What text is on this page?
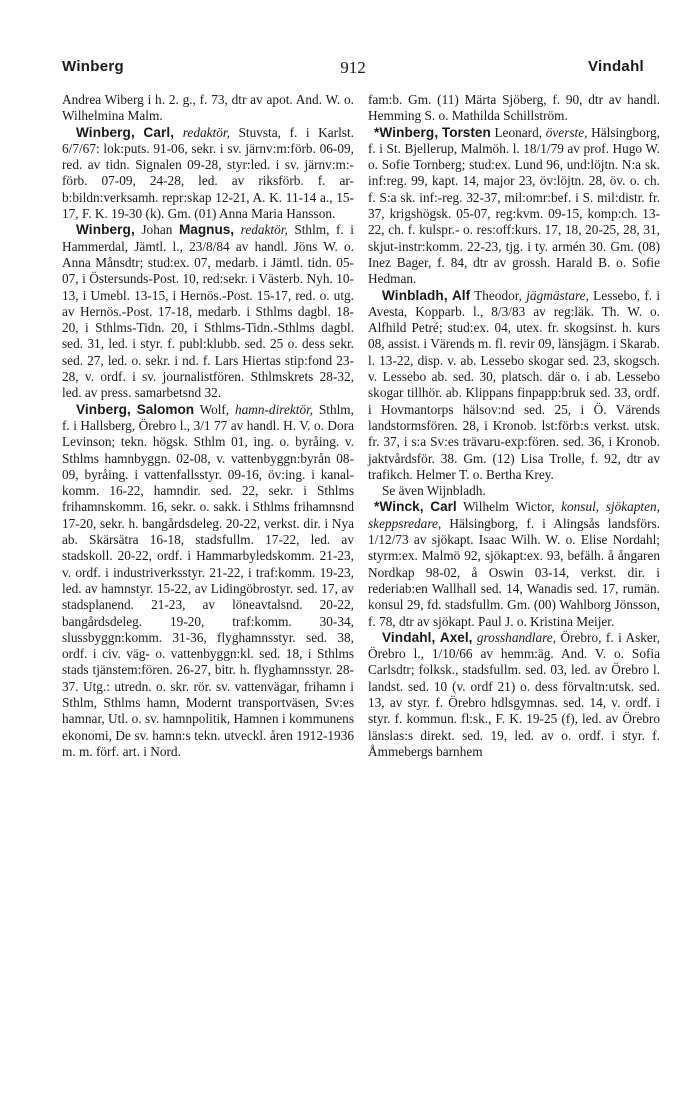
Winberg	912	Vindahl

Andrea Wiberg i h. 2. g., f. 73, dtr av apot. And. W. o. Wilhelmina Malm.

Winberg, Carl, redaktör, Stuvsta, f. i Karlst. 6/7/67: lok:puts. 91-06, sekr. i sv. järnv:m:förb. 06-09, red. av tidn. Signalen 09-28, styr:led. i sv. järnv:m:-förb. 07-09, 24-28, led. av riksförb. f. ar-b:bildn:verksamh. repr:skap 12-21, A. K. 11-14 a., 15-17, F. K. 19-30 (k). Gm. (01) Anna Maria Hansson.

Winberg, Johan Magnus, redaktör, Sthlm, f. i Hammerdal, Jämtl. l., 23/8/84 av handl. Jöns W. o. Anna Månsdtr; stud:ex. 07, medarb. i Jämtl. tidn. 05-07, i Östersunds-Post. 10, red:sekr. i Västerb. Nyh. 10-13, i Umebl. 13-15, i Hernös.-Post. 15-17, red. o. utg. av Hernös.-Post. 17-18, medarb. i Sthlms dagbl. 18-20, i Sthlms-Tidn. 20, i Sthlms-Tidn.-Sthlms dagbl. sed. 31, led. i styr. f. publ:klubb. sed. 25 o. dess sekr. sed. 27, led. o. sekr. i nd. f. Lars Hiertas stip:fond 23-28, v. ordf. i sv. journalistfören. Sthlmskrets 28-32, led. av press. samarbetsnd 32.

Vinberg, Salomon Wolf, hamn-direktör, Sthlm, f. i Hallsberg, Örebro l., 3/1 77 av handl. H. V. o. Dora Levinson; tekn. högsk. Sthlm 01, ing. o. byråing. v. Sthlms hamnbyggn. 02-08, v. vattenbyggn:byrån 08-09, byråing. i vattenfallsstyr. 09-16, öv:ing. i kanal-komm. 16-22, hamndir. sed. 22, sekr. i Sthlms frihamnskomm. 16, sekr. o. sakk. i Sthlms frihamnsnd 17-20, sekr. h. bangårdsdeleg. 20-22, verkst. dir. i Nya ab. Skärsätra 16-18, stadsfullm. 17-22, led. av stadskoll. 20-22, ordf. i Hammarbyledskomm. 21-23, v. ordf. i industriverksstyr. 21-22, i traf:komm. 19-23, led. av hamnstyr. 15-22, av Lidingöbrostyr. sed. 17, av stadsplanend. 21-23, av löneavtalsnd. 20-22, bangårdsdeleg. 19-20, traf:komm. 30-34, slussbyggn:komm. 31-36, flyghamnsstyr. sed. 38, ordf. i civ. väg- o. vattenbyggn:kl. sed. 18, i Sthlms stads tjänstem:fören. 26-27, bitr. h. flyghamnsstyr. 28-37. Utg.: utredn. o. skr. rör. sv. vattenvägar, frihamn i Sthlm, Sthlms hamn, Modernt transportväsen, Sv:es hamnar, Utl. o. sv. hamnpolitik, Hamnen i kommunens ekonomi, De sv. hamn:s tekn. utveckl. åren 1912-1936 m. m. förf. art. i Nord.

fam:b. Gm. (11) Märta Sjöberg, f. 90, dtr av handl. Hemming S. o. Mathilda Schillström.

*Winberg, Torsten Leonard, överste, Hälsingborg, f. i St. Bjellerup, Malmöh. l. 18/1/79 av prof. Hugo W. o. Sofie Tornberg; stud:ex. Lund 96, und:löjtn. N:a sk. inf:reg. 99, kapt. 14, major 23, öv:löjtn. 28, öv. o. ch. f. S:a sk. inf:-reg. 32-37, mil:omr:bef. i S. mil:distr. fr. 37, krigshögsk. 05-07, reg:kvm. 09-15, komp:ch. 13-22, ch. f. kulspr.- o. res:off:kurs. 17, 18, 20-25, 28, 31, skjut-instr:komm. 22-23, tjg. i ty. armén 30. Gm. (08) Inez Bager, f. 84, dtr av grossh. Harald B. o. Sofie Hedman.

Winbladh, Alf Theodor, jägmästare, Lessebo, f. i Avesta, Kopparb. l., 8/3/83 av reg:läk. Th. W. o. Alfhild Petré; stud:ex. 04, utex. fr. skogsinst. h. kurs 08, assist. i Värends m. fl. revir 09, länsjägm. i Skarab. l. 13-22, disp. v. ab. Lessebo skogar sed. 23, skogsch. v. Lessebo ab. sed. 30, platsch. där o. i ab. Lessebo skogar tillhör. ab. Klippans finpapp:bruk sed. 33, ordf. i Hovmantorps hälsov:nd sed. 25, i Ö. Värends landstormsfören. 28, i Kronob. lst:förb:s verkst. utsk. fr. 37, i s:a Sv:es trävaru-exp:fören. sed. 36, i Kronob. jaktvårdsför. 38. Gm. (12) Lisa Trolle, f. 92, dtr av trafikch. Helmer T. o. Bertha Krey.

Se även Wijnbladh.

*Winck, Carl Wilhelm Wictor, konsul, sjökapten, skeppsredare, Hälsingborg, f. i Alingsås landsförs. 1/12/73 av sjökapt. Isaac Wilh. W. o. Elise Nordahl; styrm:ex. Malmö 92, sjökapt:ex. 93, befälh. å ångaren Nordkap 98-02, å Oswin 03-14, verkst. dir. i rederiab:en Wallhall sed. 14, Wanadis sed. 17, rumän. konsul 29, fd. stadsfullm. Gm. (00) Wahlborg Jönsson, f. 78, dtr av sjökapt. Paul J. o. Kristina Meijer.

Vindahl, Axel, grosshandlare, Örebro, f. i Asker, Örebro l., 1/10/66 av hemm:äg. And. V. o. Sofia Carlsdtr; folksk., stadsfullm. sed. 03, led. av Örebro l. landst. sed. 10 (v. ordf 21) o. dess förvaltn:utsk. sed. 13, av styr. f. Örebro hdlsgymnas. sed. 14, v. ordf. i styr. f. kommun. fl:sk., F. K. 19-25 (f), led. av Örebro länslas:s direkt. sed. 19, led. av o. ordf. i styr. f. Åmmebergs barnhem
